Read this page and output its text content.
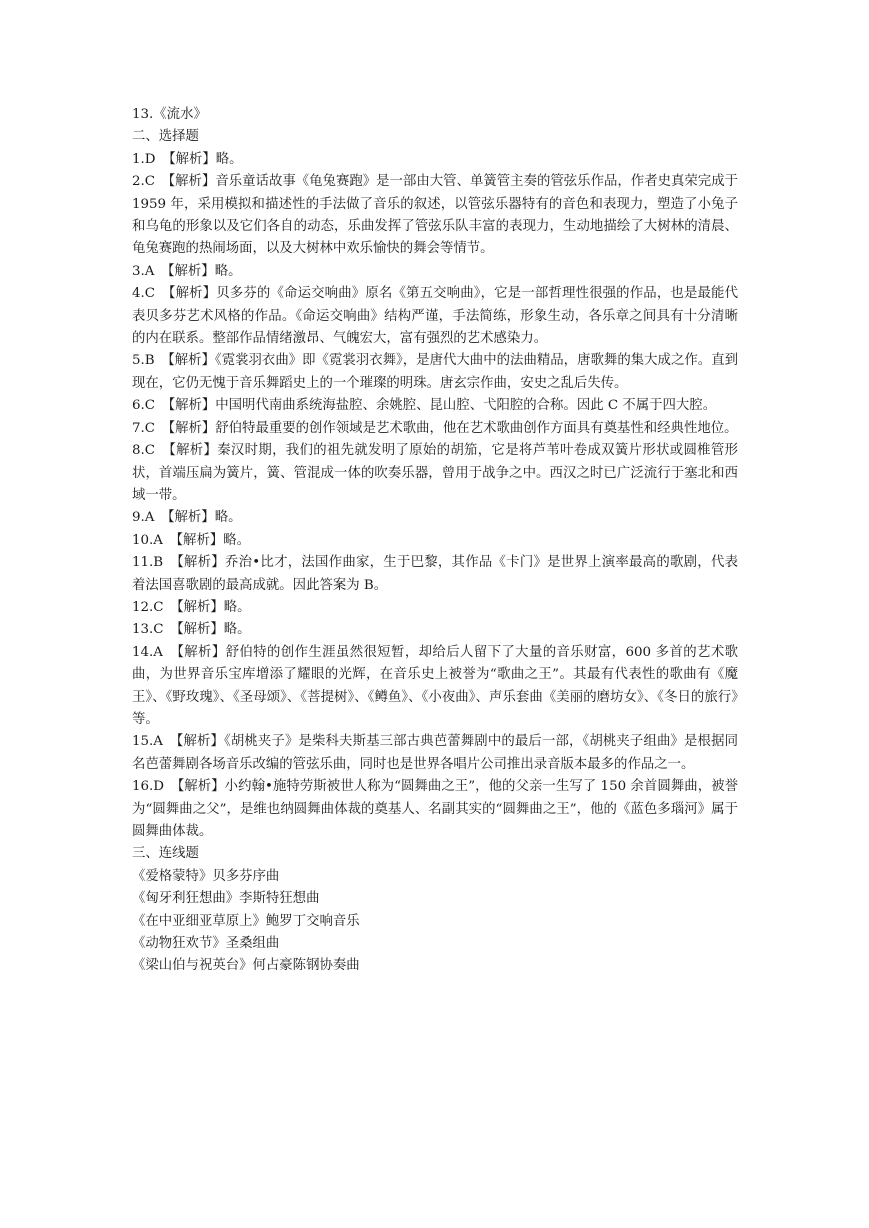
13.《流水》

二、选择题

1.D　【解析】略。

2.C　【解析】音乐童话故事《龟兔赛跑》是一部由大管、单簧管主奏的管弦乐作品，作者史真荣完成于 1959 年，采用模拟和描述性的手法做了音乐的叙述，以管弦乐器特有的音色和表现力，塑造了小兔子和乌龟的形象以及它们各自的动态，乐曲发挥了管弦乐队丰富的表现力，生动地描绘了大树林的清晨、龟兔赛跑的热闹场面，以及大树林中欢乐愉快的舞会等情节。

3.A　【解析】略。

4.C　【解析】贝多芬的《命运交响曲》原名《第五交响曲》，它是一部哲理性很强的作品，也是最能代表贝多芬艺术风格的作品。《命运交响曲》结构严谨，手法简练，形象生动，各乐章之间具有十分清晰的内在联系。整部作品情绪激昂、气魄宏大，富有强烈的艺术感染力。

5.B　【解析】《霓裳羽衣曲》即《霓裳羽衣舞》，是唐代大曲中的法曲精品，唐歌舞的集大成之作。直到现在，它仍无愧于音乐舞蹈史上的一个璀璨的明珠。唐玄宗作曲，安史之乱后失传。

6.C　【解析】中国明代南曲系统海盐腔、余姚腔、昆山腔、弋阳腔的合称。因此 C 不属于四大腔。

7.C　【解析】舒伯特最重要的创作领域是艺术歌曲，他在艺术歌曲创作方面具有奠基性和经典性地位。

8.C　【解析】秦汉时期，我们的祖先就发明了原始的胡笳，它是将芦苇叶卷成双簧片形状或圆椎管形状，首端压扁为簧片，簧、管混成一体的吹奏乐器，曾用于战争之中。西汉之时已广泛流行于塞北和西域一带。

9.A　【解析】略。

10.A　【解析】略。

11.B　【解析】乔治•比才，法国作曲家，生于巴黎，其作品《卡门》是世界上演率最高的歌剧，代表着法国喜歌剧的最高成就。因此答案为 B。

12.C　【解析】略。

13.C　【解析】略。

14.A　【解析】舒伯特的创作生涯虽然很短暂，却给后人留下了大量的音乐财富，600 多首的艺术歌曲，为世界音乐宝库增添了耀眼的光辉，在音乐史上被誉为“歌曲之王”。其最有代表性的歌曲有《魔王》、《野玫瑰》、《圣母颂》、《菩提树》、《鳟鱼》、《小夜曲》、声乐套曲《美丽的磨坊女》、《冬日的旅行》等。

15.A　【解析】《胡桃夹子》是柴科夫斯基三部古典芭蕾舞剧中的最后一部，《胡桃夹子组曲》是根据同名芭蕾舞剧各场音乐改编的管弦乐曲，同时也是世界各唱片公司推出录音版本最多的作品之一。

16.D　【解析】小约翰•施特劳斯被世人称为“圆舞曲之王”，他的父亲一生写了 150 余首圆舞曲，被誉为“圆舞曲之父”，是维也纳圆舞曲体裁的奠基人、名副其实的“圆舞曲之王”，他的《蓝色多瑙河》属于圆舞曲体裁。

三、连线题

《爱格蒙特》贝多芬序曲

《匈牙利狂想曲》李斯特狂想曲

《在中亚细亚草原上》鲍罗丁交响音乐

《动物狂欢节》圣桑组曲

《梁山伯与祝英台》何占豪陈钢协奏曲
